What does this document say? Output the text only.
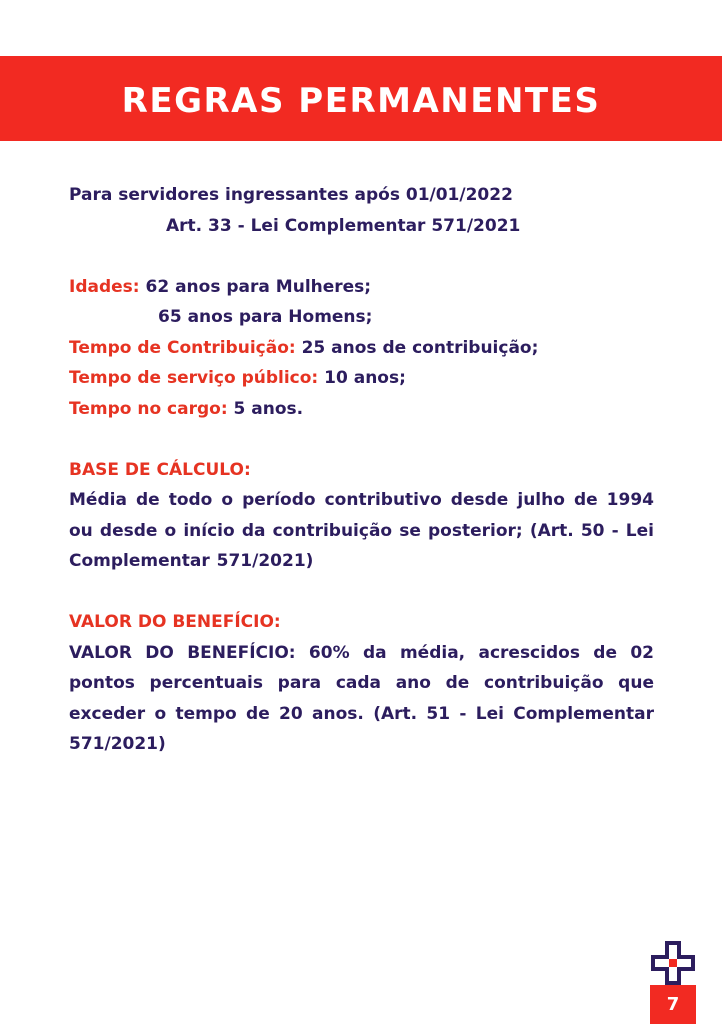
REGRAS PERMANENTES
Para servidores ingressantes após 01/01/2022
Art. 33 - Lei Complementar 571/2021
Idades: 62 anos para Mulheres;
65 anos para Homens;
Tempo de Contribuição: 25 anos de contribuição;
Tempo de serviço público: 10 anos;
Tempo no cargo: 5 anos.
BASE DE CÁLCULO:
Média de todo o período contributivo desde julho de 1994 ou desde o início da contribuição se posterior; (Art. 50 - Lei Complementar 571/2021)
VALOR DO BENEFÍCIO:
VALOR DO BENEFÍCIO: 60% da média, acrescidos de 02 pontos percentuais para cada ano de contribuição que exceder o tempo de 20 anos. (Art. 51 - Lei Complementar 571/2021)
7
